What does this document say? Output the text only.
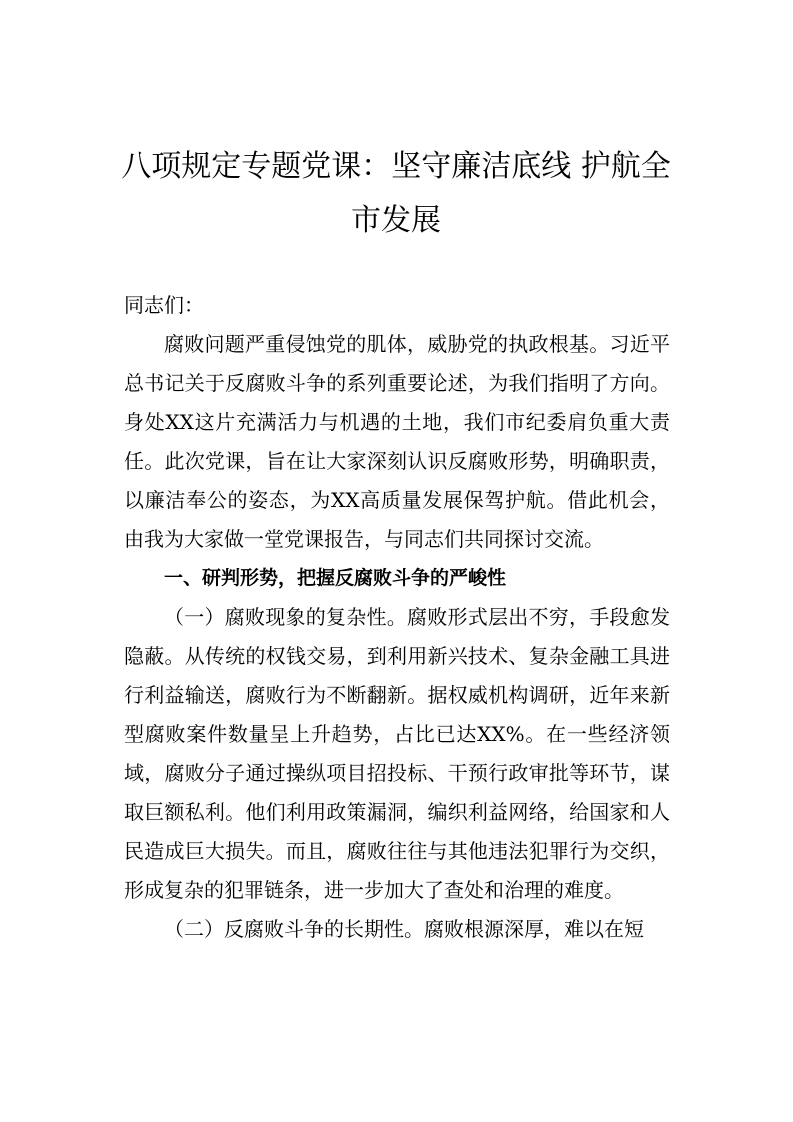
八项规定专题党课：坚守廉洁底线 护航全市发展

同志们：

腐败问题严重侵蚀党的肌体，威胁党的执政根基。习近平总书记关于反腐败斗争的系列重要论述，为我们指明了方向。身处XX这片充满活力与机遇的土地，我们市纪委肩负重大责任。此次党课，旨在让大家深刻认识反腐败形势，明确职责，以廉洁奉公的姿态，为XX高质量发展保驾护航。借此机会，由我为大家做一堂党课报告，与同志们共同探讨交流。

一、研判形势，把握反腐败斗争的严峻性

（一）腐败现象的复杂性。腐败形式层出不穷，手段愈发隐蔽。从传统的权钱交易，到利用新兴技术、复杂金融工具进行利益输送，腐败行为不断翻新。据权威机构调研，近年来新型腐败案件数量呈上升趋势，占比已达XX%。在一些经济领域，腐败分子通过操纵项目招投标、干预行政审批等环节，谋取巨额私利。他们利用政策漏洞，编织利益网络，给国家和人民造成巨大损失。而且，腐败往往与其他违法犯罪行为交织，形成复杂的犯罪链条，进一步加大了查处和治理的难度。

（二）反腐败斗争的长期性。腐败根源深厚，难以在短
